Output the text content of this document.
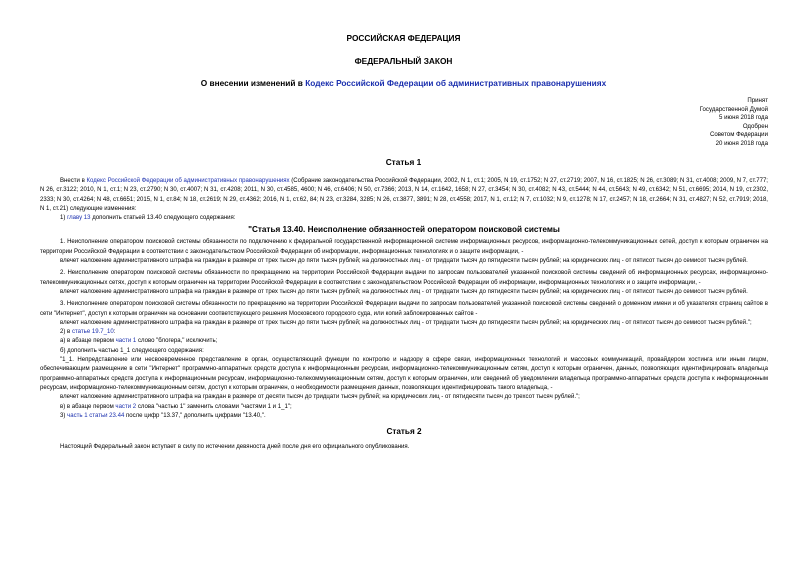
РОССИЙСКАЯ ФЕДЕРАЦИЯ
ФЕДЕРАЛЬНЫЙ ЗАКОН
О внесении изменений в Кодекс Российской Федерации об административных правонарушениях
Принят
Государственной Думой
5 июня 2018 года
Одобрен
Советом Федерации
20 июня 2018 года
Статья 1
Внести в Кодекс Российской Федерации об административных правонарушениях (Собрание законодательства Российской Федерации, 2002, N 1, ст.1; 2005, N 19, ст.1752; N 27, ст.2719; 2007, N 16, ст.1825; N 26, ст.3089; N 31, ст.4008; 2009, N 7, ст.777; N 26, ст.3122; 2010, N 1, ст.1; N 23, ст.2790; N 30, ст.4007; N 31, ст.4208; 2011, N 30, ст.4585, 4600; N 46, ст.6406; N 50, ст.7366; 2013, N 14, ст.1642, 1658; N 27, ст.3454; N 30, ст.4082; N 43, ст.5444; N 44, ст.5643; N 49, ст.6342; N 51, ст.6695; 2014, N 19, ст.2302, 2333; N 30, ст.4264; N 48, ст.6651; 2015, N 1, ст.84; N 18, ст.2619; N 29, ст.4362; 2016, N 1, ст.62, 84; N 23, ст.3284, 3285; N 26, ст.3877, 3891; N 28, ст.4558; 2017, N 1, ст.12; N 7, ст.1032; N 9, ст.1278; N 17, ст.2457; N 18, ст.2664; N 31, ст.4827; N 52, ст.7919; 2018, N 1, ст.21) следующие изменения:
1) главу 13 дополнить статьей 13.40 следующего содержания:
"Статья 13.40. Неисполнение обязанностей оператором поисковой системы
1. Неисполнение оператором поисковой системы обязанности по подключению к федеральной государственной информационной системе информационных ресурсов, информационно-телекоммуникационных сетей, доступ к которым ограничен на территории Российской Федерации в соответствии с законодательством Российской Федерации об информации, информационных технологиях и о защите информации, -
влечет наложение административного штрафа на граждан в размере от трех тысяч до пяти тысяч рублей; на должностных лиц - от тридцати тысяч до пятидесяти тысяч рублей; на юридических лиц - от пятисот тысяч до семисот тысяч рублей.
2. Неисполнение оператором поисковой системы обязанности по прекращению на территории Российской Федерации выдачи по запросам пользователей указанной поисковой системы сведений об информационных ресурсах, информационно-телекоммуникационных сетях, доступ к которым ограничен на территории Российской Федерации в соответствии с законодательством Российской Федерации об информации, информационных технологиях и о защите информации, -
влечет наложение административного штрафа на граждан в размере от трех тысяч до пяти тысяч рублей; на должностных лиц - от тридцати тысяч до пятидесяти тысяч рублей; на юридических лиц - от пятисот тысяч до семисот тысяч рублей.
3. Неисполнение оператором поисковой системы обязанности по прекращению на территории Российской Федерации выдачи по запросам пользователей указанной поисковой системы сведений о доменном имени и об указателях страниц сайтов в сети "Интернет", доступ к которым ограничен на основании соответствующего решения Московского городского суда, или копий заблокированных сайтов -
влечет наложение административного штрафа на граждан в размере от трех тысяч до пяти тысяч рублей; на должностных лиц - от тридцати тысяч до пятидесяти тысяч рублей; на юридических лиц - от пятисот тысяч до семисот тысяч рублей.";
2) в статье 19.7_10:
а) в абзаце первом части 1 слово "блогера," исключить;
б) дополнить частью 1_1 следующего содержания:
"1_1. Непредставление или несвоевременное представление в орган, осуществляющий функции по контролю и надзору в сфере связи, информационных технологий и массовых коммуникаций, провайдером хостинга или иным лицом, обеспечивающим размещение в сети "Интернет" программно-аппаратных средств доступа к информационным ресурсам, информационно-телекоммуникационным сетям, доступ к которым ограничен, данных, позволяющих идентифицировать владельца программно-аппаратных средств доступа к информационным ресурсам, информационно-телекоммуникационным сетям, доступ к которым ограничен, или сведений об уведомлении владельца программно-аппаратных средств доступа к информационным ресурсам, информационно-телекоммуникационным сетям, доступ к которым ограничен, о необходимости размещения данных, позволяющих идентифицировать такого владельца, -
влечет наложение административного штрафа на граждан в размере от десяти тысяч до тридцати тысяч рублей; на юридических лиц - от пятидесяти тысяч до трехсот тысяч рублей.";
в) в абзаце первом части 2 слова "частью 1" заменить словами "частями 1 и 1_1";
3) часть 1 статьи 23.44 после цифр "13.37," дополнить цифрами "13.40,".
Статья 2
Настоящий Федеральный закон вступает в силу по истечении девяноста дней после дня его официального опубликования.
